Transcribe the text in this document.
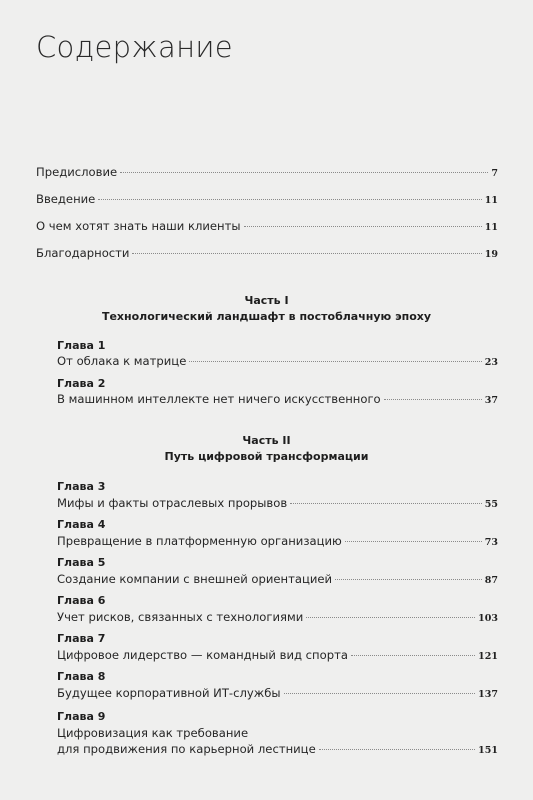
Содержание
Предисловие	7
Введение	11
О чем хотят знать наши клиенты	11
Благодарности	19
Часть I
Технологический ландшафт в постоблачную эпоху
Глава 1
От облака к матрице	23
Глава 2
В машинном интеллекте нет ничего искусственного	37
Часть II
Путь цифровой трансформации
Глава 3
Мифы и факты отраслевых прорывов	55
Глава 4
Превращение в платформенную организацию	73
Глава 5
Создание компании с внешней ориентацией	87
Глава 6
Учет рисков, связанных с технологиями	103
Глава 7
Цифровое лидерство — командный вид спорта	121
Глава 8
Будущее корпоративной ИТ-службы	137
Глава 9
Цифровизация как требование
для продвижения по карьерной лестнице	151
